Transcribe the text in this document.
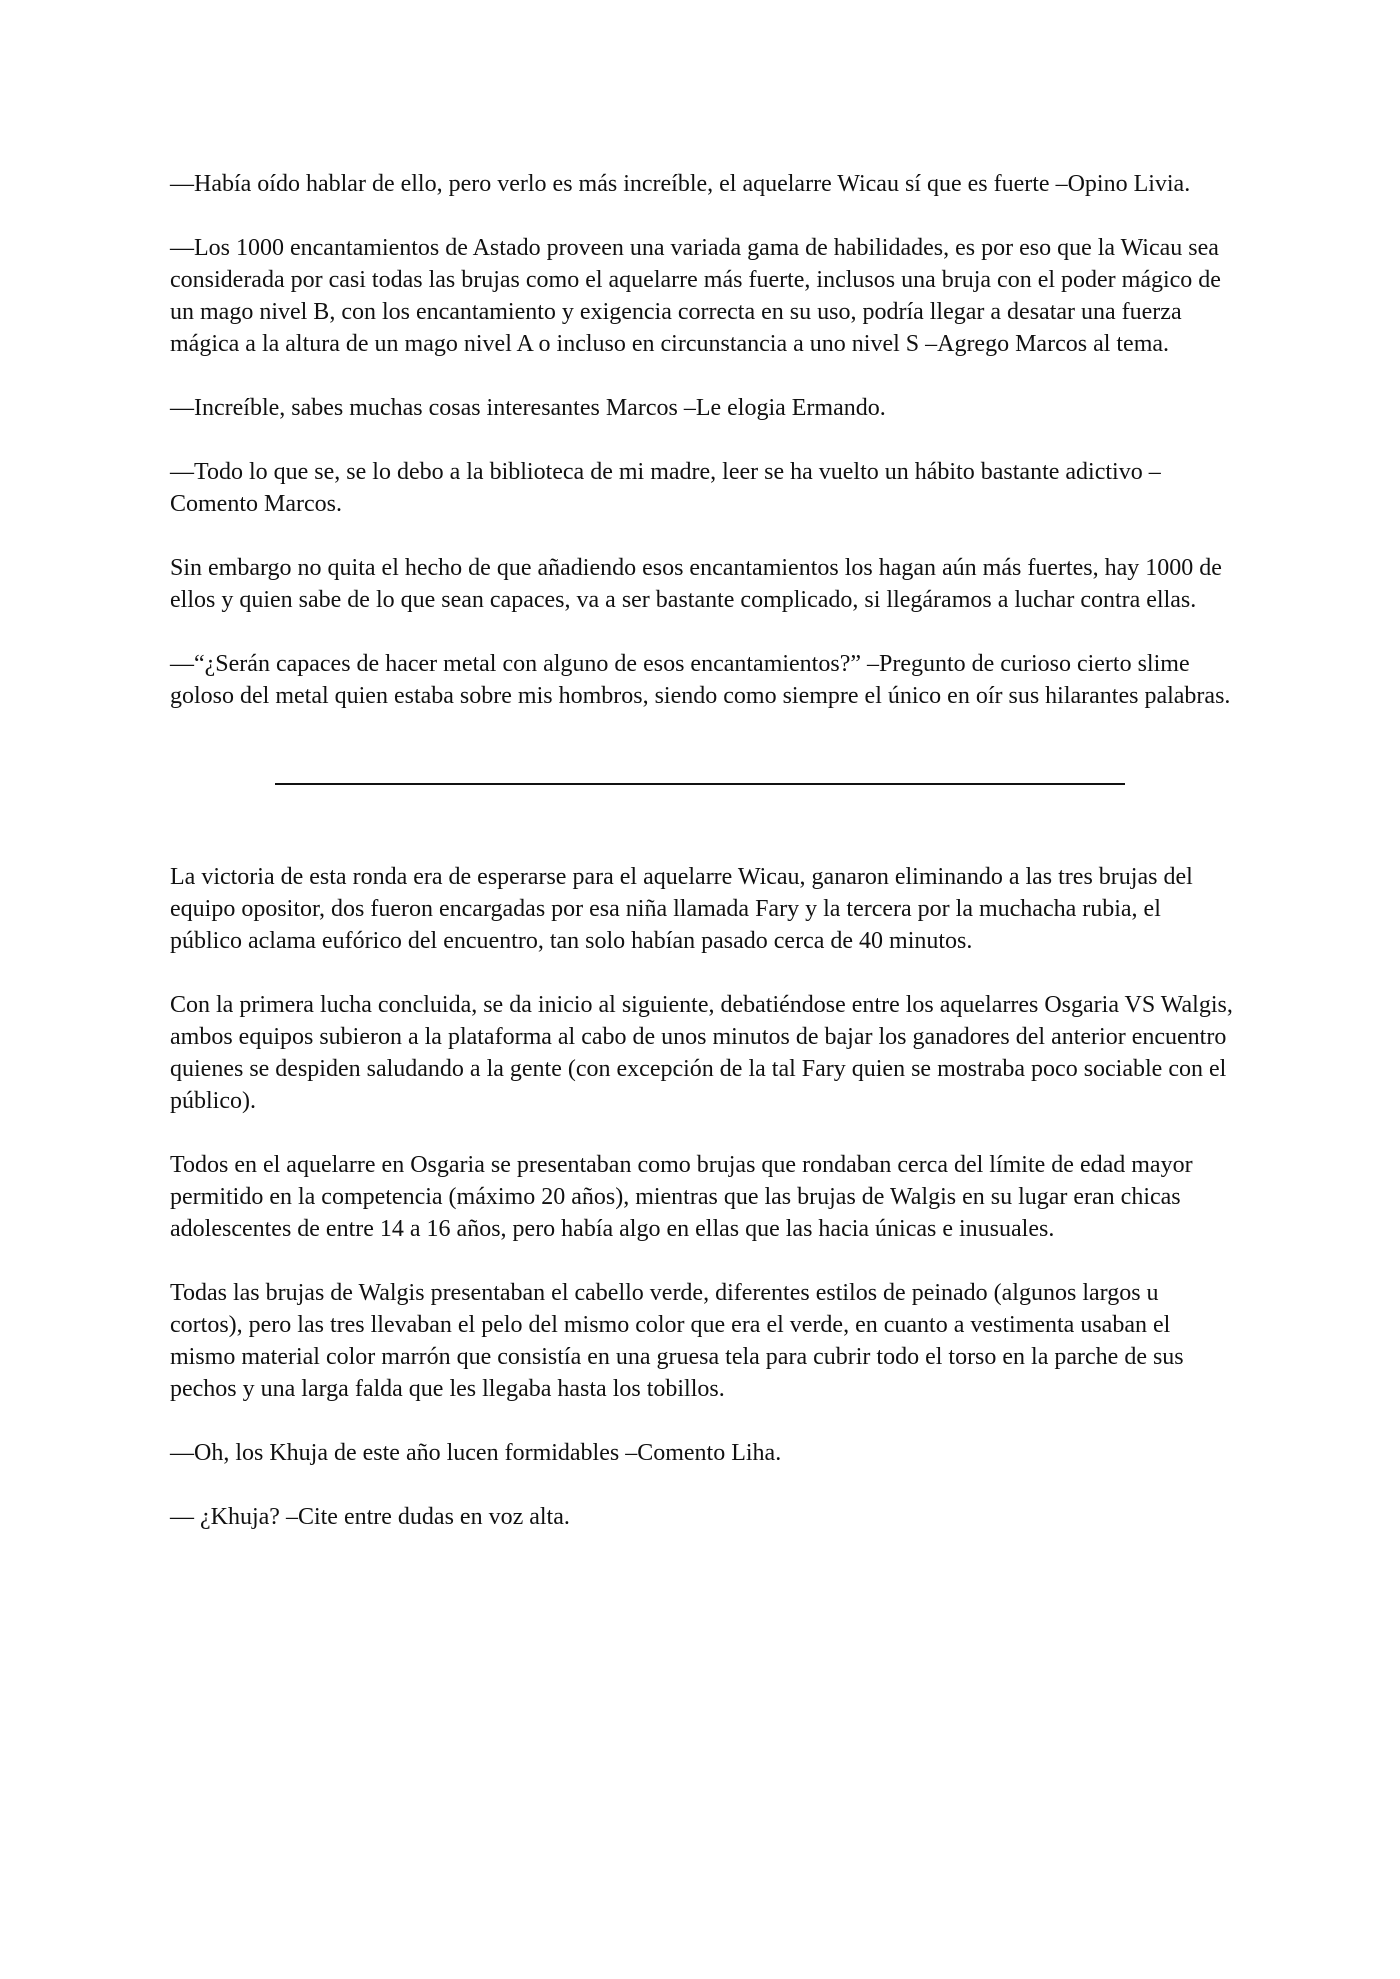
—Había oído hablar de ello, pero verlo es más increíble, el aquelarre Wicau sí que es fuerte –Opino Livia.

—Los 1000 encantamientos de Astado proveen una variada gama de habilidades, es por eso que la Wicau sea considerada por casi todas las brujas como el aquelarre más fuerte, inclusos una bruja con el poder mágico de un mago nivel B, con los encantamiento y exigencia correcta en su uso, podría llegar a desatar una fuerza mágica a la altura de un mago nivel A o incluso en circunstancia a uno nivel S –Agrego Marcos al tema.

—Increíble, sabes muchas cosas interesantes Marcos –Le elogia Ermando.

—Todo lo que se, se lo debo a la biblioteca de mi madre, leer se ha vuelto un hábito bastante adictivo –Comento Marcos.

Sin embargo no quita el hecho de que añadiendo esos encantamientos los hagan aún más fuertes, hay 1000 de ellos y quien sabe de lo que sean capaces, va a ser bastante complicado, si llegáramos a luchar contra ellas.

—“¿Serán capaces de hacer metal con alguno de esos encantamientos?” –Pregunto de curioso cierto slime goloso del metal quien estaba sobre mis hombros, siendo como siempre el único en oír sus hilarantes palabras.

La victoria de esta ronda era de esperarse para el aquelarre Wicau, ganaron eliminando a las tres brujas del equipo opositor, dos fueron encargadas por esa niña llamada Fary y la tercera por la muchacha rubia, el público aclama eufórico del encuentro, tan solo habían pasado cerca de 40 minutos.

Con la primera lucha concluida, se da inicio al siguiente, debatiéndose entre los aquelarres Osgaria VS Walgis, ambos equipos subieron a la plataforma al cabo de unos minutos de bajar los ganadores del anterior encuentro quienes se despiden saludando a la gente (con excepción de la tal Fary quien se mostraba poco sociable con el público).

Todos en el aquelarre en Osgaria se presentaban como brujas que rondaban cerca del límite de edad mayor permitido en la competencia (máximo 20 años), mientras que las brujas de Walgis en su lugar eran chicas adolescentes de entre 14 a 16 años, pero había algo en ellas que las hacia únicas e inusuales.

Todas las brujas de Walgis presentaban el cabello verde, diferentes estilos de peinado (algunos largos u cortos), pero las tres llevaban el pelo del mismo color que era el verde, en cuanto a vestimenta usaban el mismo material color marrón que consistía en una gruesa tela para cubrir todo el torso en la parche de sus pechos y una larga falda que les llegaba hasta los tobillos.

—Oh, los Khuja de este año lucen formidables –Comento Liha.

— ¿Khuja? –Cite entre dudas en voz alta.
